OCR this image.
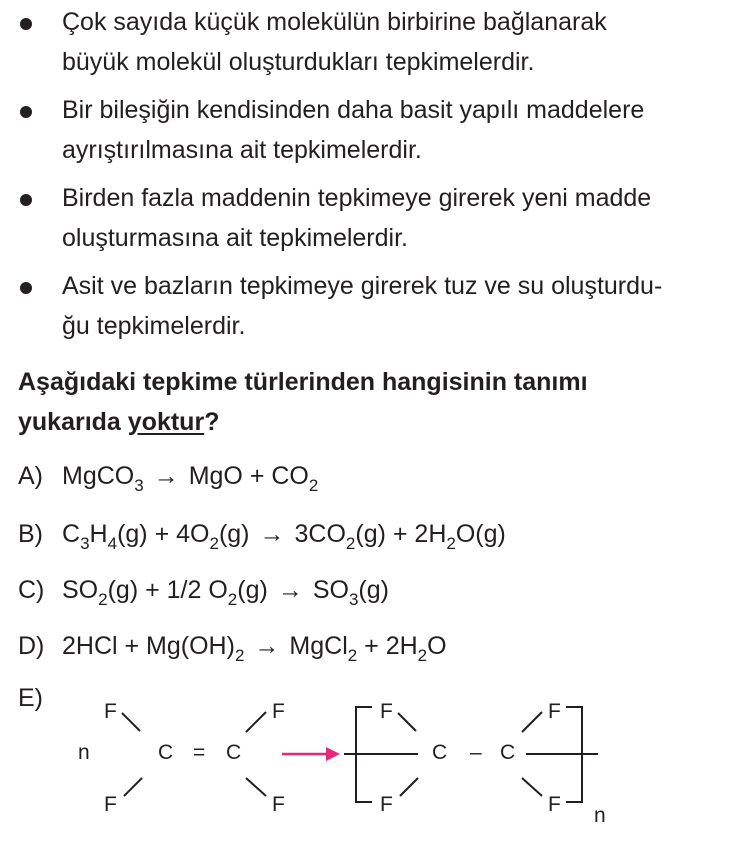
Çok sayıda küçük molekülün birbirine bağlanarak
büyük molekül oluşturdukları tepkimelerdir.
Bir bileşiğin kendisinden daha basit yapılı maddelere
ayrıştırılmasına ait tepkimelerdir.
Birden fazla maddenin tepkimeye girerek yeni madde
oluşturmasına ait tepkimelerdir.
Asit ve bazların tepkimeye girerek tuz ve su oluşturdu-
ğu tepkimelerdir.
Aşağıdaki tepkime türlerinden hangisinin tanımı
yukarıda yoktur?
A) MgCO$_3$ → MgO + $CO_2$
B) $C_3H_4(g) + 4O_2(g) \to 3CO_2(g) + 2H_2O(g)$
C) $SO_2(g) + 1/2$ $O_2(g) \to SO_3(g)$
D) $2HCl + Mg(OH)_2$ → MgCl$_2$ + $2H_2O$
E)
n
F
F
C = C
F
F
F
F
C – C
F
F n
